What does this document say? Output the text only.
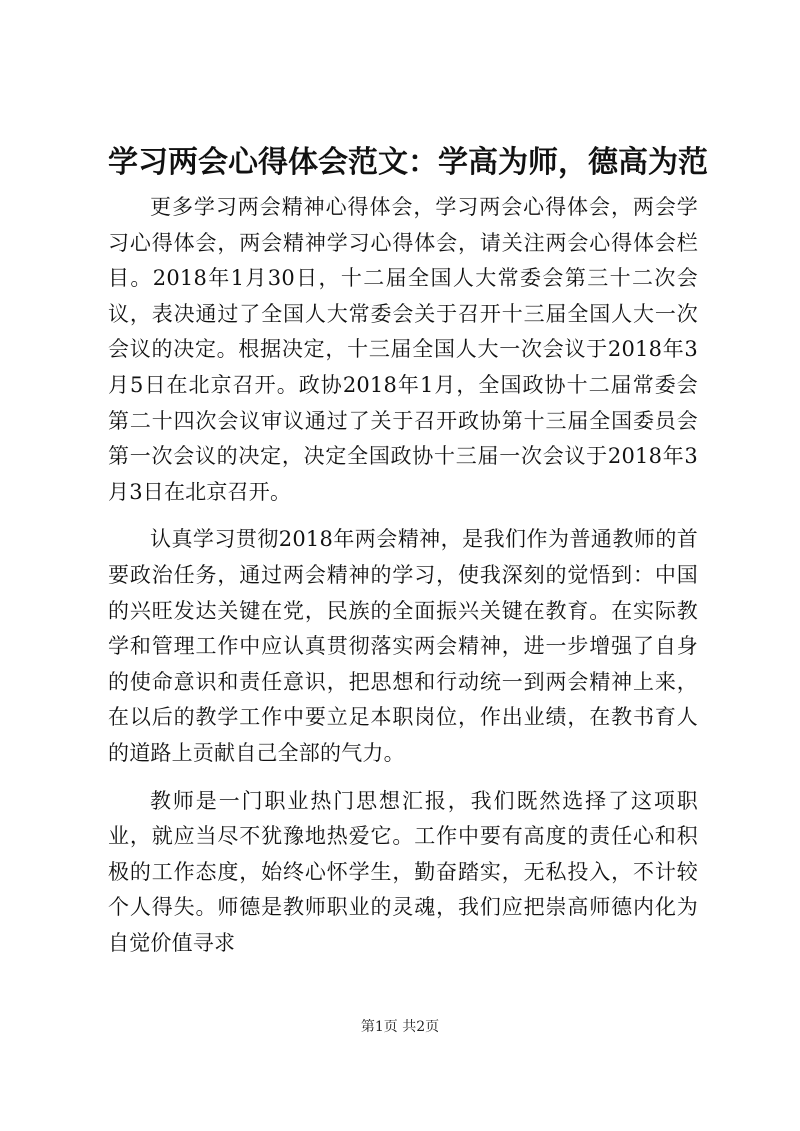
学习两会心得体会范文：学高为师，德高为范

更多学习两会精神心得体会，学习两会心得体会，两会学习心得体会，两会精神学习心得体会，请关注两会心得体会栏目。2018年1月30日，十二届全国人大常委会第三十二次会议，表决通过了全国人大常委会关于召开十三届全国人大一次会议的决定。根据决定，十三届全国人大一次会议于2018年3月5日在北京召开。政协2018年1月，全国政协十二届常委会第二十四次会议审议通过了关于召开政协第十三届全国委员会第一次会议的决定，决定全国政协十三届一次会议于2018年3月3日在北京召开。

认真学习贯彻2018年两会精神，是我们作为普通教师的首要政治任务，通过两会精神的学习，使我深刻的觉悟到：中国的兴旺发达关键在党，民族的全面振兴关键在教育。在实际教学和管理工作中应认真贯彻落实两会精神，进一步增强了自身的使命意识和责任意识，把思想和行动统一到两会精神上来，在以后的教学工作中要立足本职岗位，作出业绩，在教书育人的道路上贡献自己全部的气力。

教师是一门职业热门思想汇报，我们既然选择了这项职业，就应当尽不犹豫地热爱它。工作中要有高度的责任心和积极的工作态度，始终心怀学生，勤奋踏实，无私投入，不计较个人得失。师德是教师职业的灵魂，我们应把崇高师德内化为自觉价值寻求

第1页 共2页
